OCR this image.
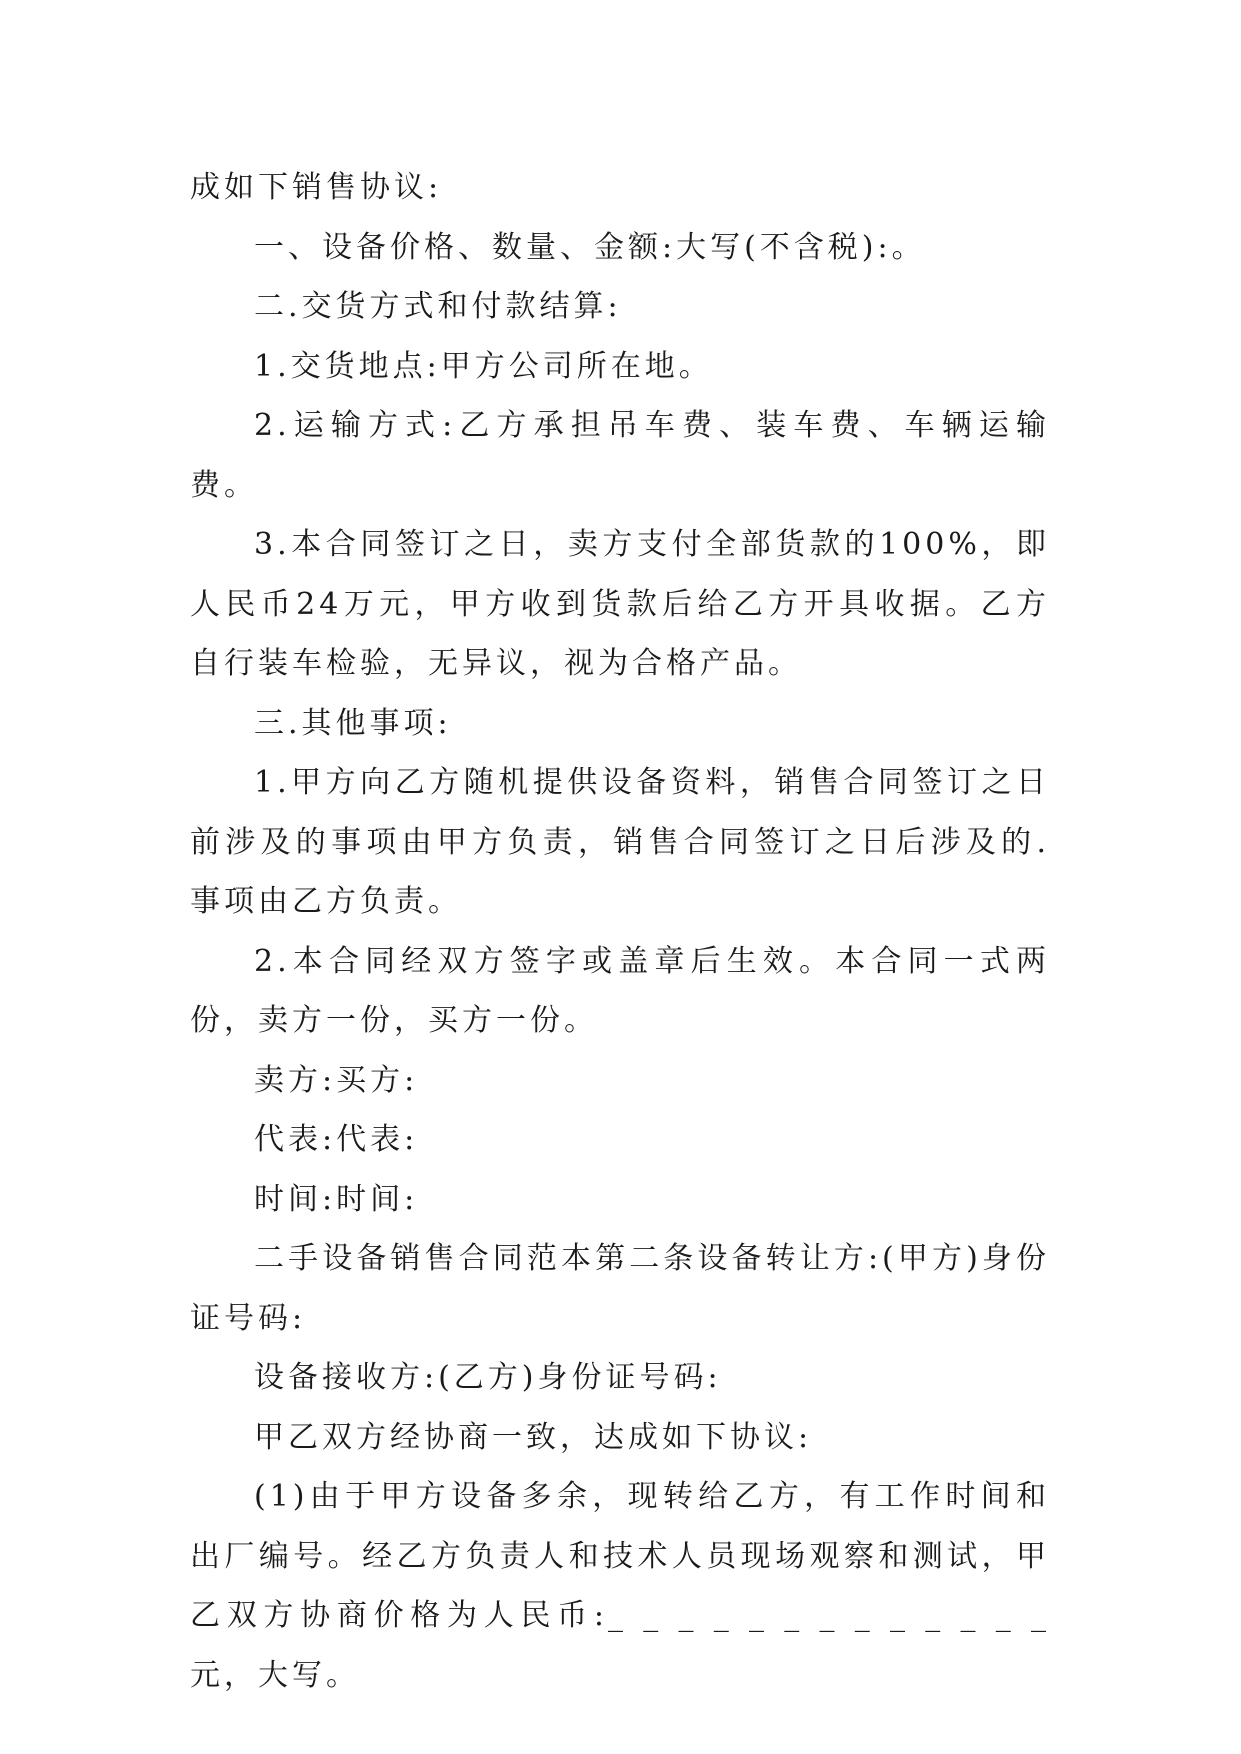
成如下销售协议:

一、设备价格、数量、金额:大写(不含税):。

二.交货方式和付款结算:

1.交货地点:甲方公司所在地。

2.运输方式:乙方承担吊车费、装车费、车辆运输费。

3.本合同签订之日，卖方支付全部货款的100%，即人民币24万元，甲方收到货款后给乙方开具收据。乙方自行装车检验，无异议，视为合格产品。

三.其他事项:

1.甲方向乙方随机提供设备资料，销售合同签订之日前涉及的事项由甲方负责，销售合同签订之日后涉及的.事项由乙方负责。

2.本合同经双方签字或盖章后生效。本合同一式两份，卖方一份，买方一份。

卖方:买方:

代表:代表:

时间:时间:

二手设备销售合同范本第二条设备转让方:(甲方)身份证号码:

设备接收方:(乙方)身份证号码:

甲乙双方经协商一致，达成如下协议:

(1)由于甲方设备多余，现转给乙方，有工作时间和出厂编号。经乙方负责人和技术人员现场观察和测试，甲乙双方协商价格为人民币:_ _ _ _ _ _ _ _ _ _ _ _ _元，大写。
